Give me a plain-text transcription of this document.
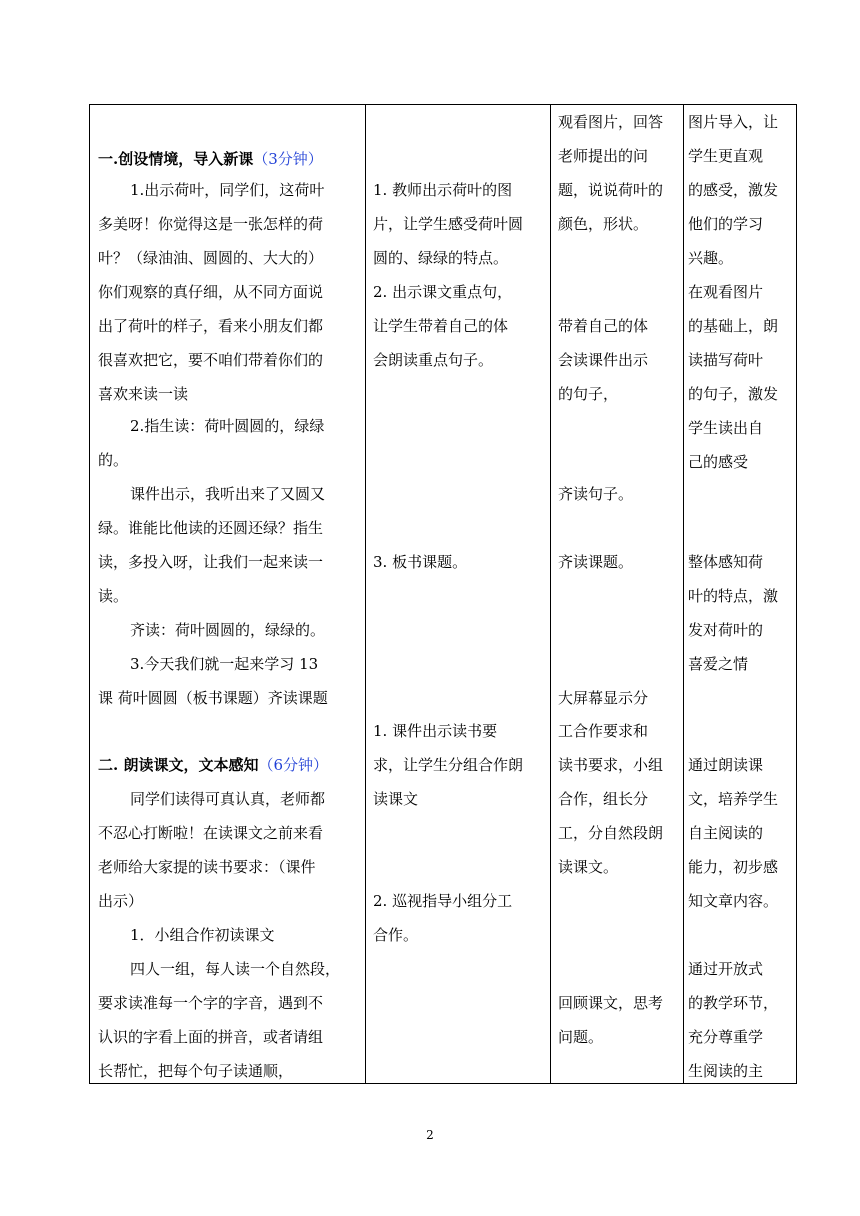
一.创设情境，导入新课（3分钟）
1.出示荷叶，同学们，这荷叶
多美呀！你觉得这是一张怎样的荷
叶？（绿油油、圆圆的、大大的）
你们观察的真仔细，从不同方面说
出了荷叶的样子，看来小朋友们都
很喜欢把它，要不咱们带着你们的
喜欢来读一读
2.指生读：荷叶圆圆的，绿绿
的。
课件出示，我听出来了又圆又
绿。谁能比他读的还圆还绿？指生
读，多投入呀，让我们一起来读一
读。
齐读：荷叶圆圆的，绿绿的。
3.今天我们就一起来学习 13
课 荷叶圆圆（板书课题）齐读课题
二. 朗读课文，文本感知（6分钟）
同学们读得可真认真，老师都
不忍心打断啦！在读课文之前来看
老师给大家提的读书要求：（课件
出示）
1．小组合作初读课文
四人一组，每人读一个自然段，
要求读准每一个字的字音，遇到不
认识的字看上面的拼音，或者请组
长帮忙，把每个句子读通顺，
1. 教师出示荷叶的图
片，让学生感受荷叶圆
圆的、绿绿的特点。
2. 出示课文重点句，
让学生带着自己的体
会朗读重点句子。
3. 板书课题。
1. 课件出示读书要
求，让学生分组合作朗
读课文
2. 巡视指导小组分工
合作。
观看图片，回答
老师提出的问
题，说说荷叶的
颜色，形状。
带着自己的体
会读课件出示
的句子，
齐读句子。
齐读课题。
大屏幕显示分
工合作要求和
读书要求，小组
合作，组长分
工，分自然段朗
读课文。
回顾课文，思考
问题。
图片导入，让
学生更直观
的感受，激发
他们的学习
兴趣。
在观看图片
的基础上，朗
读描写荷叶
的句子，激发
学生读出自
己的感受
整体感知荷
叶的特点，激
发对荷叶的
喜爱之情
通过朗读课
文，培养学生
自主阅读的
能力，初步感
知文章内容。
通过开放式
的教学环节，
充分尊重学
生阅读的主
2
